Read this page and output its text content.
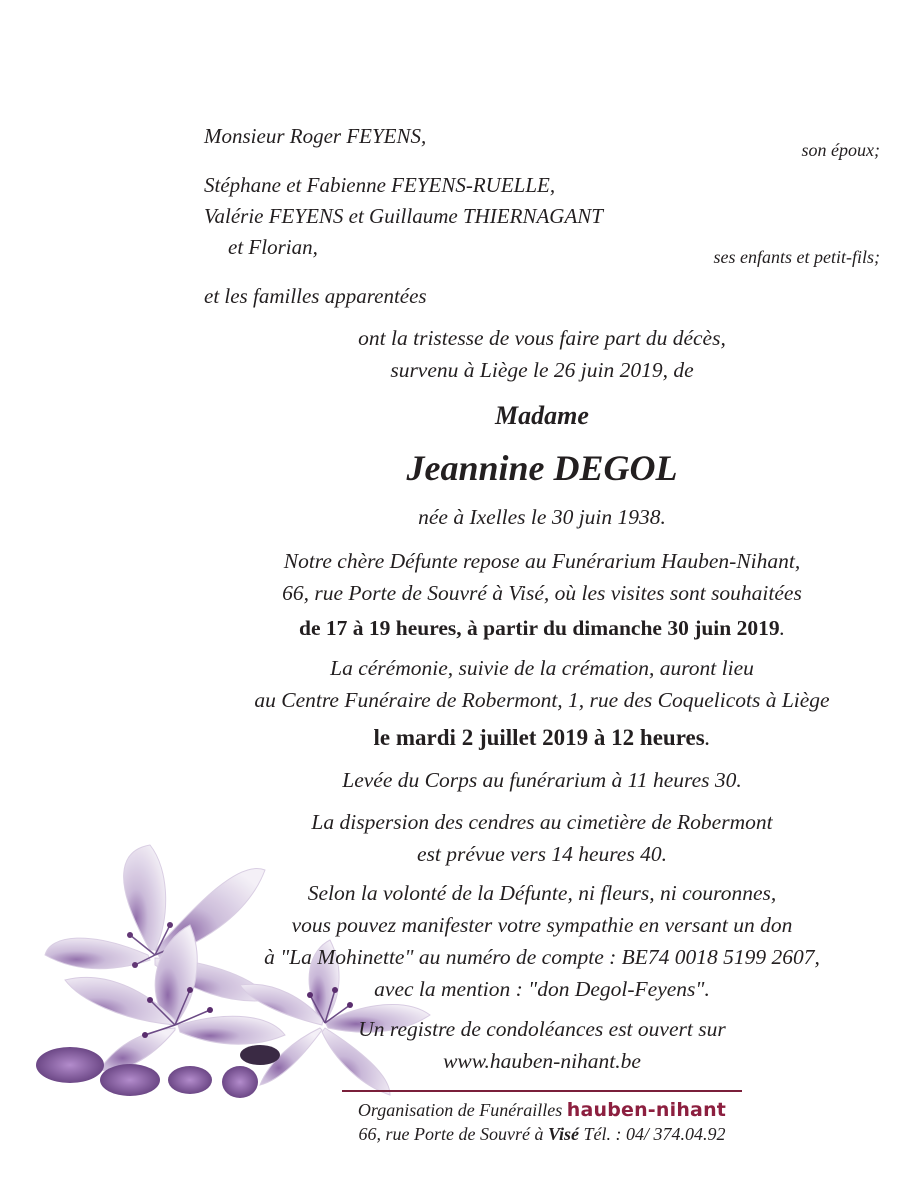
Monsieur Roger FEYENS,
son époux;
Stéphane et Fabienne FEYENS-RUELLE,
Valérie FEYENS et Guillaume THIERNAGANT
et Florian,	ses enfants et petit-fils;
et les familles apparentées
ont la tristesse de vous faire part du décès,
survenu à Liège le 26 juin 2019, de
Madame
Jeannine DEGOL
née à Ixelles le 30 juin 1938.
Notre chère Défunte repose au Funérarium Hauben-Nihant,
66, rue Porte de Souvré à Visé, où les visites sont souhaitées
de 17 à 19 heures, à partir du dimanche 30 juin 2019.
La cérémonie, suivie de la crémation, auront lieu
au Centre Funéraire de Robermont, 1, rue des Coquelicots à Liège
le mardi 2 juillet 2019 à 12 heures.
Levée du Corps au funérarium à 11 heures 30.
La dispersion des cendres au cimetière de Robermont
est prévue vers 14 heures 40.
Selon la volonté de la Défunte, ni fleurs, ni couronnes,
vous pouvez manifester votre sympathie en versant un don
à "La Mohinette" au numéro de compte : BE74 0018 5199 2607,
avec la mention : "don Degol-Feyens".
Un registre de condoléances est ouvert sur
www.hauben-nihant.be
Organisation de Funérailles hauben-nihant
66, rue Porte de Souvré à Visé Tél. : 04/ 374.04.92
